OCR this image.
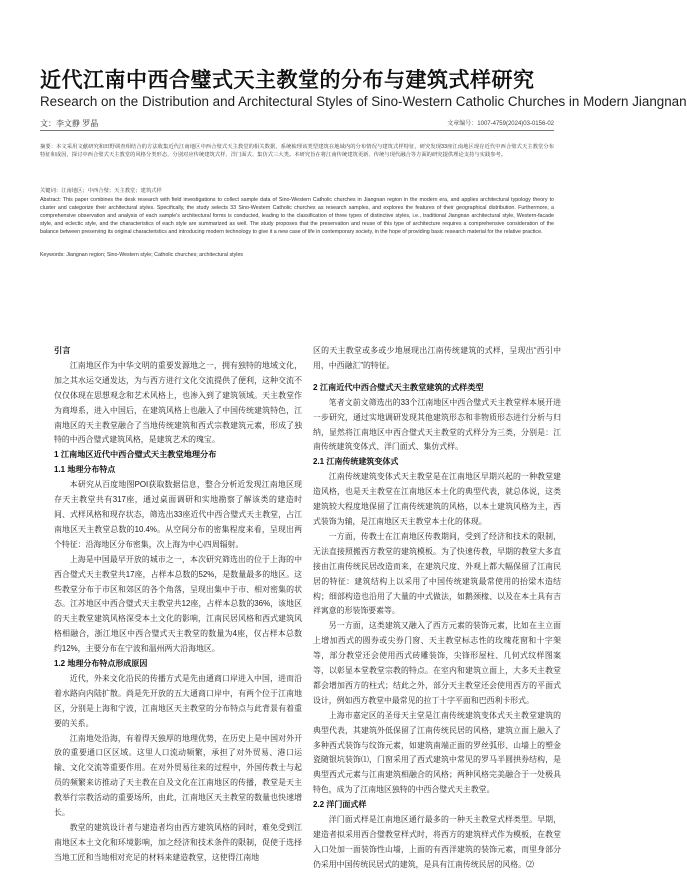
近代江南中西合璧式天主教堂的分布与建筑式样研究
Research on the Distribution and Architectural Styles of Sino-Western Catholic Churches in Modern Jiangnan
文：李文静 罗晶	文章编号：1007-4759(2024)03-0156-02
摘要：本文采用文献研究和田野调查相结合的方法收集近代江南地区中西合璧式天主教堂的相关数据，系统梳理该类型建筑在地域内的分布情况与建筑式样特征，研究发现33座江南地区现存近代中西合璧式天主教堂分布特征和成因，探讨中西合璧式天主教堂的风格分类形态，分别对应传统建筑式样、洋门面式、集仿式三大类。本研究旨在将江南传统建筑更新、传统与现代融合等方面的研究提供理论支持与实践参考。
关键词：江南地区；中西合璧；天主教堂；建筑式样
Abstract: This paper combines the desk research with field investigations to collect sample data of Sino-Western Catholic churches in Jiangnan region in the modern era, and applies architectural typology theory to cluster and categorize their architectural styles. Specifically, the study selects 33 Sino-Western Catholic churches as research samples, and explores the features of their geographical distribution. Furthermore, a comprehensive observation and analysis of each sample's architectural forms is conducted, leading to the classification of three types of distinctive styles, i.e., traditional Jiangnan architectural style, Western-facade style, and eclectic style, and the characteristics of each style are summarized as well. The study proposes that the preservation and reuse of this type of architecture requires a comprehensive consideration of the balance between preserving its original characteristics and introducing modern technology to give it a new case of life in contemporary society, in the hope of providing basic research material for the relative practice.
Keywords: Jiangnan region; Sino-Western style; Catholic churches; architectural styles
引言

江南地区作为中华文明的重要发源地之一，拥有独特的地域文化，加之其水运交通发达，为与西方进行文化交流提供了便利，这种交流不仅仅体现在思想观念和艺术风格上，也渗入到了建筑领域。天主教堂作为商埠系，进入中国后，在建筑风格上也融入了中国传统建筑特色，江南地区的天主教堂融合了当地传统建筑和西式宗教建筑元素，形成了独特的中西合璧式建筑风格，是建筑艺术的瑰宝。

1 江南地区近代中西合璧式天主教堂地理分布
1.1 地理分布特点

本研究从百度地图POI获取数据信息，整合分析近发现江南地区现存天主教堂共有317座，通过桌面调研和实地勘察了解该类的建造时间、式样风格和现存状态，筛选出33座近代中西合璧式天主教堂，占江南地区天主教堂总数的10.4%。从空间分布的密集程度来看，呈现出两个特征：沿海地区分布密集，次上海为中心四周辐射。

上海是中国最早开放的城市之一，本次研究筛选出的位于上海的中西合璧式天主教堂共17座，占样本总数的52%，是数量最多的地区。这些教堂分布于市区和郊区的各个角落，呈现出集中于市、相对密集的状态。江苏地区中西合璧式天主教堂共12座，占样本总数的36%，该地区的天主教堂建筑风格深受本土文化的影响，江南民居风格和西式建筑风格相融合，浙江地区中西合璧式天主教堂的数量为4座，仅占样本总数约12%，主要分布在宁波和温州两大沿海地区。

1.2 地理分布特点形成原因

近代，外来文化沿民的传播方式是先由通商口岸进入中国，进而沿着水路向内陆扩散。尚是先开放的五大通商口岸中，有两个位于江南地区，分别是上海和宁波，江南地区天主教堂的分布特点与此背景有着重要的关系。

江南地处沿海，有着得天独厚的地理优势，在历史上是中国对外开放的重要通口区区域。这里人口流动频繁，承担了对外贸易、港口运输、文化交流等重要作用。在对外贸易往来的过程中，外国传教士与起员的频繁来访推动了天主教在自及文化在江南地区的传播，教堂是天主教举行宗教活动的重要场所，由此，江南地区天主教堂的数量也快速增长。

教堂的建筑设计者与建造者均由西方建筑风格的同时，难免受到江南地区本土文化和环境影响，加之经济和技术条件的限制，促使于选择当地工匠和当地相对充足的材料来建造教堂，这使得江南地

区的天主教堂或多或少地展现出江南传统建筑的式样，呈现出“西引中用，中西融汇”的特征。

2 江南近代中西合璧式天主教堂建筑的式样类型

笔者文前文筛选出的33个江南地区中西合璧式天主教堂样本展开进一步研究，通过实地调研发现其他建筑形态和非物质形态进行分析与归纳，显然将江南地区中西合璧式天主教堂的式样分为三类，分别是：江南传统建筑变体式、洋门面式、集仿式样。

2.1 江南传统建筑变体式

江南传统建筑变体式天主教堂是在江南地区早期兴起的一种教堂建造风格，也是天主教堂在江南地区本土化的典型代表，就总体说，这类建筑较大程度地保留了江南传统建筑的风格，以本土建筑风格为主，西式装饰为辅，是江南地区天主教堂本土化的体现。

一方面，传教士在江南地区传教期间，受到了经济和技术的限制，无法直接照搬西方教堂的建筑模板。为了快速传教，早期的教堂大多直接由江南传统民居改造而来，在建筑尺度、外观上都大幅保留了江南民居的特征：建筑结构上以采用了中国传统建筑最常使用的抬梁木造结构；细部构造也沿用了大量的中式做法，如鹅颈椽、以及在本土具有吉祥寓意的形装饰要素等。

另一方面，这类建筑又融入了西方元素的装饰元素，比如在主立面上增加西式的圆券或尖券门窗、天主教堂标志性的玫瑰花窗和十字架等，部分教堂还会使用西式砖雕装饰，尖锋形屋柱、几何式纹样图案等，以彰显本堂教堂宗教的特点。在室内和建筑立面上，大多天主教堂都会增加西方的柱式；结此之外，部分天主教堂还会使用西方的平面式设计，例如西方教堂中最常见的拉丁十字平面和巴西利卡形式。

上海市嘉定区的圣母天主堂是江南传统建筑变体式天主教堂建筑的典型代表，其建筑外低保留了江南传统民居的风格，建筑立面上融入了多种西式装饰与纹饰元素，如建筑南端正面的罗丝弧形、山墙上的塑金瓷随银坑装饰⑴，门窗采用了西式建筑中常见的罗马半圆拱券结构，是典型西式元素与江南建筑相融合的风格；两种风格完美融合于一处极具特色，成为了江南地区独特的中西合璧式天主教堂。

2.2 洋门面式样

洋门面式样是江南地区通行最多的一种天主教堂式样类型。早期，建造者拟采用西合璧教堂样式时，将西方的建筑样式作为模板，在教堂入口处加一面装饰性山墙，上面的有西洋建筑的装饰元素，而里身部分仍采用中国传统民居式的建筑，是具有江南传统民居的风格。⑵
